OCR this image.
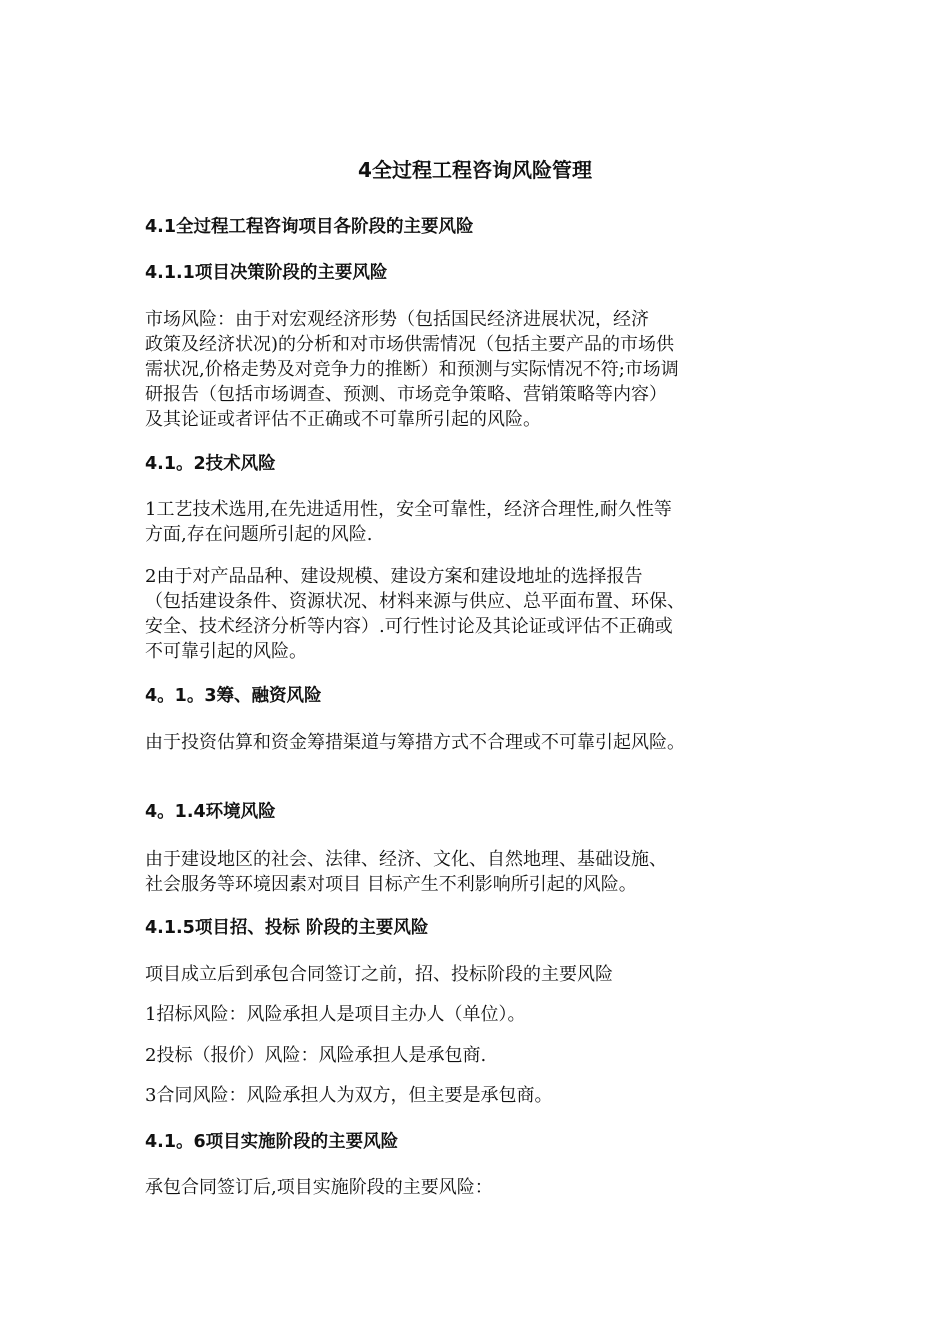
4全过程工程咨询风险管理
4.1全过程工程咨询项目各阶段的主要风险
4.1.1项目决策阶段的主要风险
市场风险：由于对宏观经济形势（包括国民经济进展状况，经济
政策及经济状况)的分析和对市场供需情况（包括主要产品的市场供
需状况,价格走势及对竞争力的推断）和预测与实际情况不符;市场调
研报告（包括市场调查、预测、市场竞争策略、营销策略等内容）
及其论证或者评估不正确或不可靠所引起的风险。
4.1。2技术风险
1工艺技术选用,在先进适用性，安全可靠性，经济合理性,耐久性等
方面,存在问题所引起的风险.
2由于对产品品种、建设规模、建设方案和建设地址的选择报告
（包括建设条件、资源状况、材料来源与供应、总平面布置、环保、
安全、技术经济分析等内容）.可行性讨论及其论证或评估不正确或
不可靠引起的风险。
4。1。3筹、融资风险
由于投资估算和资金筹措渠道与筹措方式不合理或不可靠引起风险。
4。1.4环境风险
由于建设地区的社会、法律、经济、文化、自然地理、基础设施、
社会服务等环境因素对项目 目标产生不利影响所引起的风险。
4.1.5项目招、投标 阶段的主要风险
项目成立后到承包合同签订之前，招、投标阶段的主要风险
1招标风险：风险承担人是项目主办人（单位）。
2投标（报价）风险：风险承担人是承包商.
3合同风险：风险承担人为双方，但主要是承包商。
4.1。6项目实施阶段的主要风险
承包合同签订后,项目实施阶段的主要风险：
